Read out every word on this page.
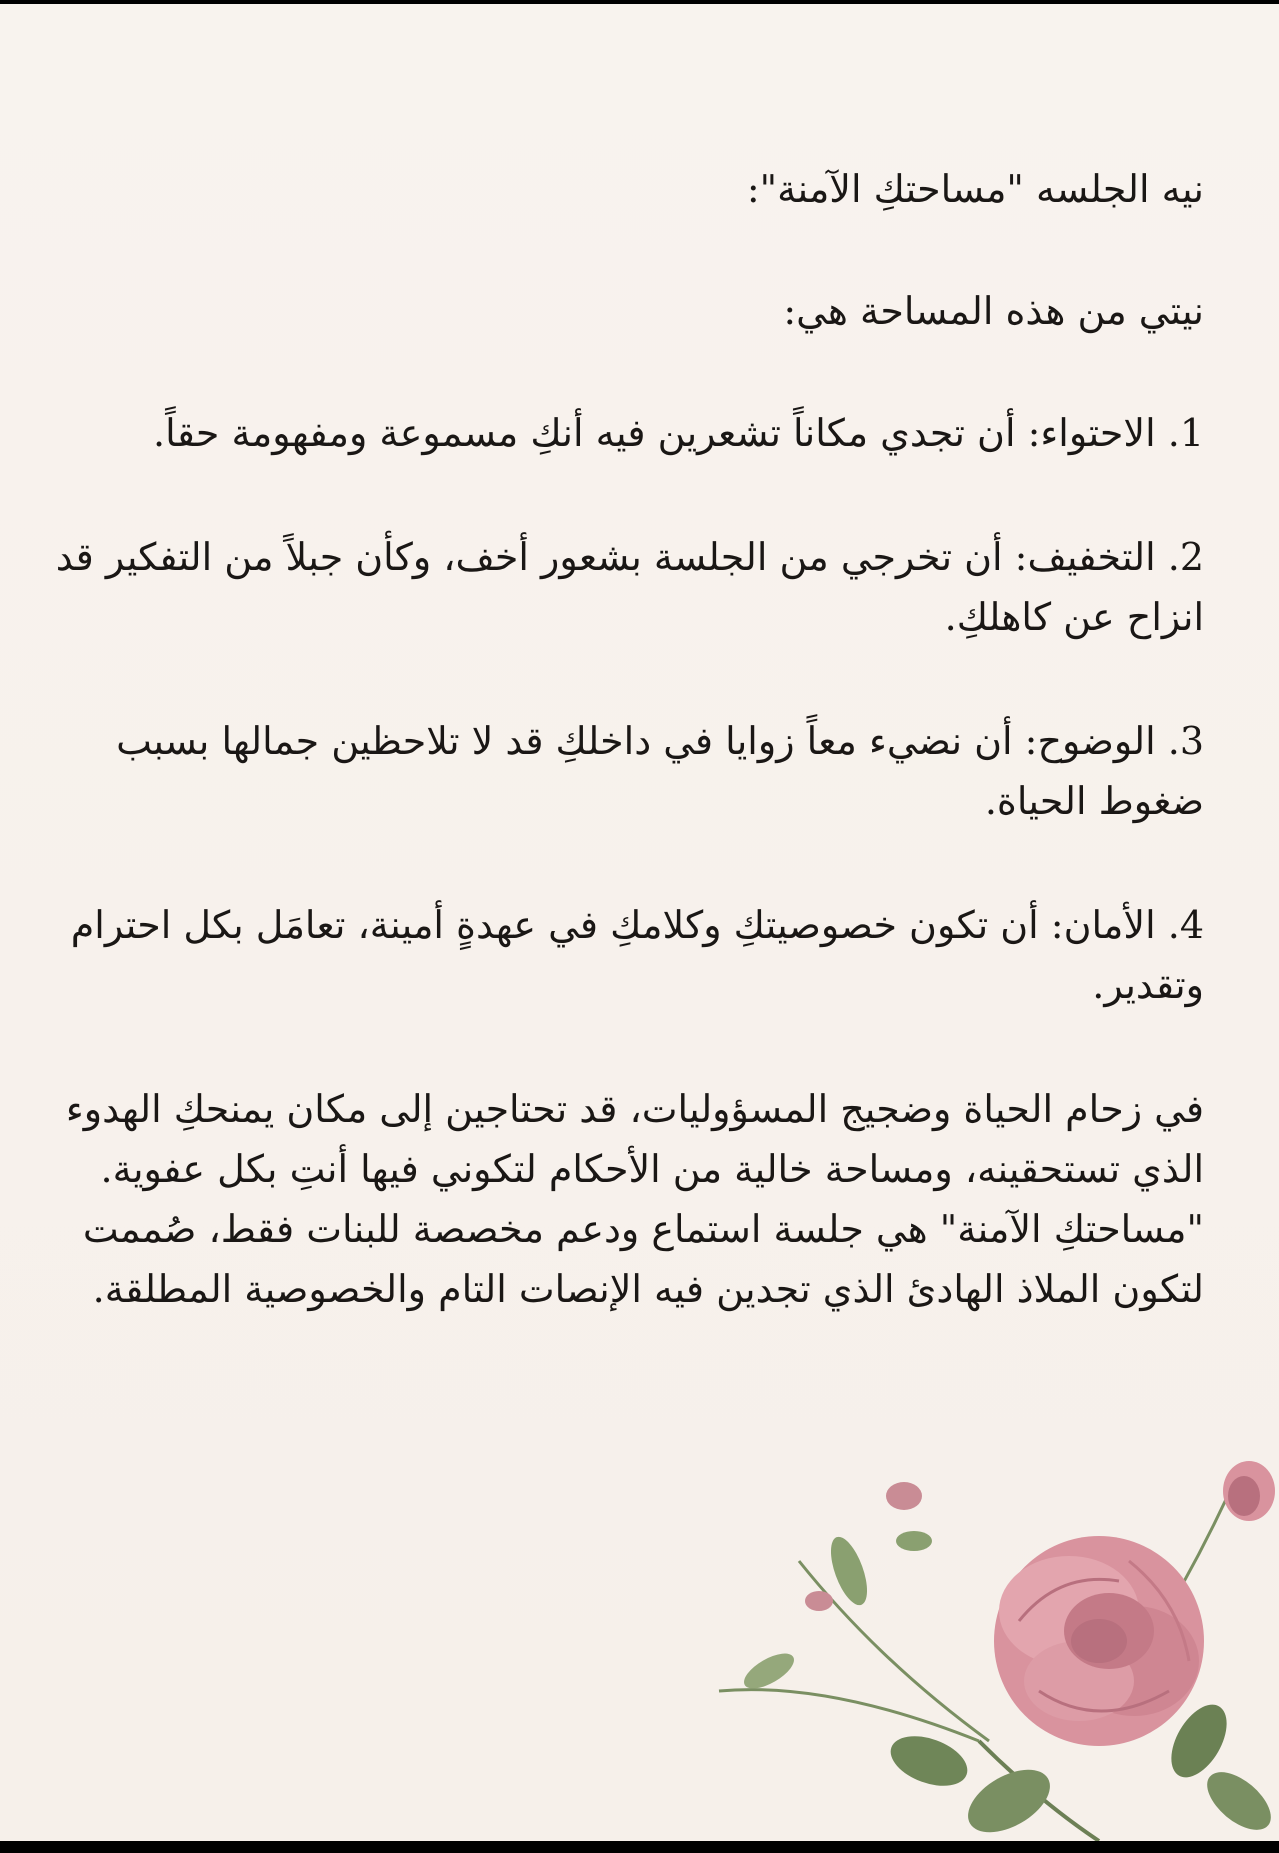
نيه الجلسه "مساحتكِ الآمنة":

نيتي من هذه المساحة هي:

1. الاحتواء: أن تجدي مكاناً تشعرين فيه أنكِ مسموعة ومفهومة حقاً.

2. التخفيف: أن تخرجي من الجلسة بشعور أخف، وكأن جبلاً من التفكير قد انزاح عن كاهلكِ.

3. الوضوح: أن نضيء معاً زوايا في داخلكِ قد لا تلاحظين جمالها بسبب ضغوط الحياة.

4. الأمان: أن تكون خصوصيتكِ وكلامكِ في عهدةٍ أمينة، تعامَل بكل احترام وتقدير.

في زحام الحياة وضجيج المسؤوليات، قد تحتاجين إلى مكان يمنحكِ الهدوء الذي تستحقينه، ومساحة خالية من الأحكام لتكوني فيها أنتِ بكل عفوية. "مساحتكِ الآمنة" هي جلسة استماع ودعم مخصصة للبنات فقط، صُممت لتكون الملاذ الهادئ الذي تجدين فيه الإنصات التام والخصوصية المطلقة.
